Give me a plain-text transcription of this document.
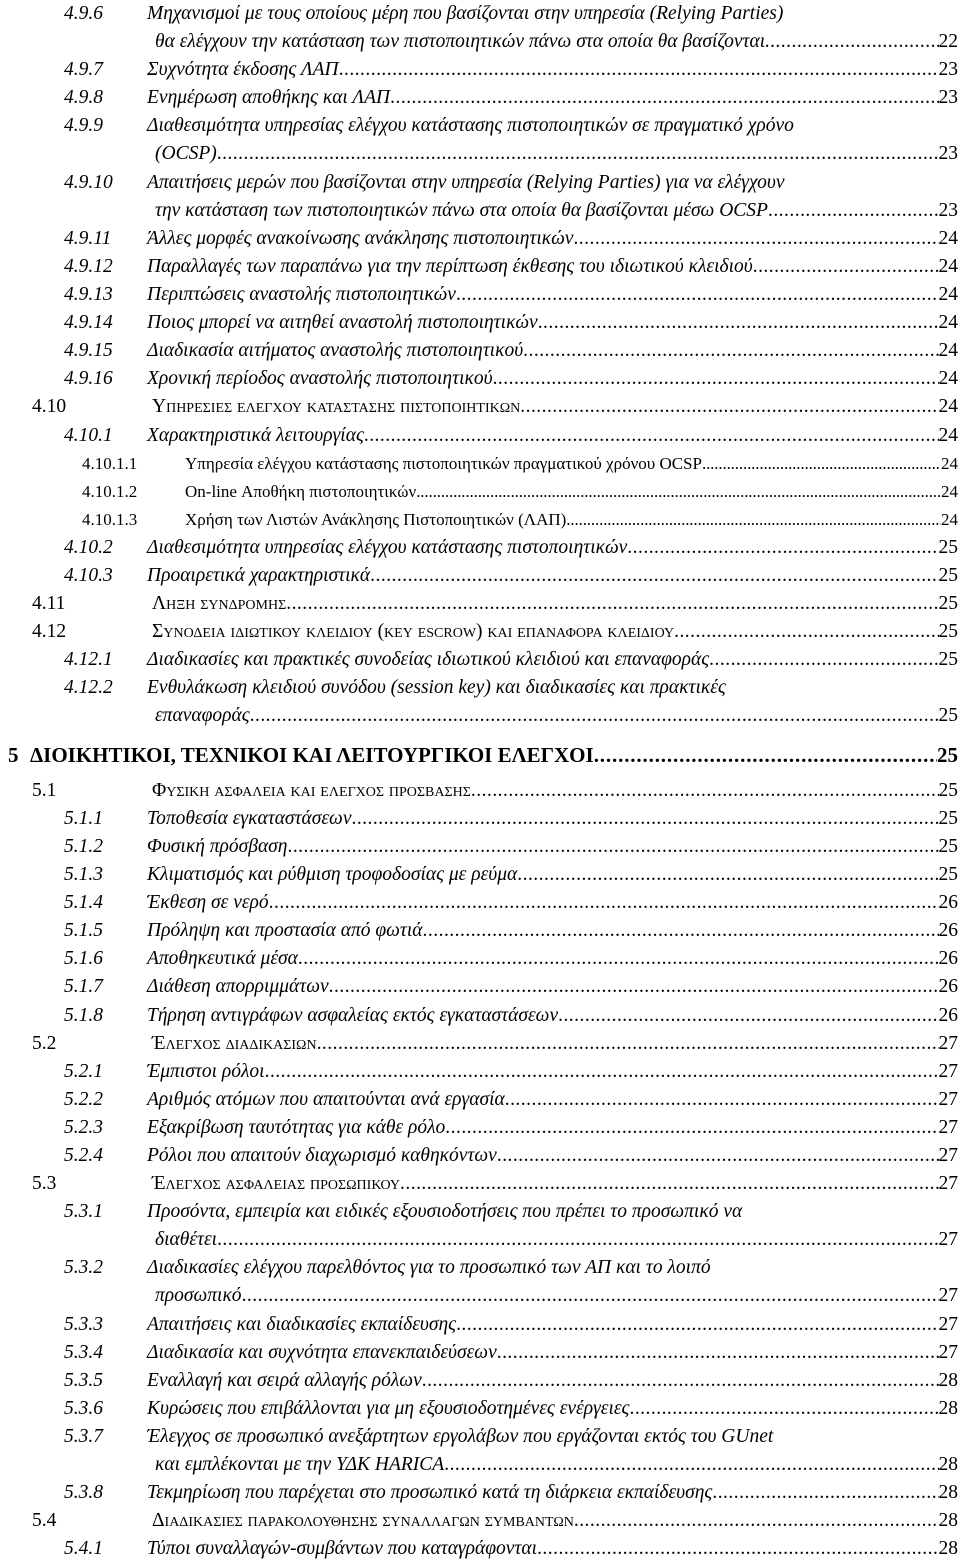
4.9.6 Μηχανισμοί με τους οποίους μέρη που βασίζονται στην υπηρεσία (Relying Parties)
θα ελέγχουν την κατάσταση των πιστοποιητικών πάνω στα οποία θα βασίζονται. . . .	22
4.9.7 Συχνότητα έκδοσης ΛΑΠ . . .	23
4.9.8 Ενημέρωση αποθήκης και ΛΑΠ . . .	23
4.9.9 Διαθεσιμότητα υπηρεσίας ελέγχου κατάστασης πιστοποιητικών σε πραγματικό χρόνο
(OCSP) . . .	23
4.9.10 Απαιτήσεις μερών που βασίζονται στην υπηρεσία (Relying Parties) για να ελέγχουν
την κατάσταση των πιστοποιητικών πάνω στα οποία θα βασίζονται μέσω OCSP . . .	23
4.9.11 Άλλες μορφές ανακοίνωσης ανάκλησης πιστοποιητικών . . .	24
4.9.12 Παραλλαγές των παραπάνω για την περίπτωση έκθεσης του ιδιωτικού κλειδιού . . .	24
4.9.13 Περιπτώσεις αναστολής πιστοποιητικών . . .	24
4.9.14 Ποιος μπορεί να αιτηθεί αναστολή πιστοποιητικών . . .	24
4.9.15 Διαδικασία αιτήματος αναστολής πιστοποιητικού . . .	24
4.9.16 Χρονική περίοδος αναστολής πιστοποιητικού . . .	24
4.10	Υπηρεσιες ελεγχου καταστασης πιστοποιητικων . . .	24
4.10.1 Χαρακτηριστικά λειτουργίας . . .	24
4.10.1.1	Υπηρεσία ελέγχου κατάστασης πιστοποιητικών πραγματικού χρόνου OCSP . . .	24
4.10.1.2	On-line Αποθήκη πιστοποιητικών . . .	24
4.10.1.3	Χρήση των Λιστών Ανάκλησης Πιστοποιητικών (ΛΑΠ) . . .	24
4.10.2 Διαθεσιμότητα υπηρεσίας ελέγχου κατάστασης πιστοποιητικών . . .	25
4.10.3 Προαιρετικά χαρακτηριστικά . . .	25
4.11	Ληξη συνδρομης . . .	25
4.12	Συνοδεια ιδιωτικου κλειδιου (key escrow) και επαναφορα κλειδιου . . .	25
4.12.1 Διαδικασίες και πρακτικές συνοδείας ιδιωτικού κλειδιού και επαναφοράς . . .	25
4.12.2 Ενθυλάκωση κλειδιού συνόδου (session key) και διαδικασίες και πρακτικές
επαναφοράς . . .	25
5 ΔΙΟΙΚΗΤΙΚΟΙ, ΤΕΧΝΙΚΟΙ ΚΑΙ ΛΕΙΤΟΥΡΓΙΚΟΙ ΕΛΕΓΧΟΙ . . .	25
5.1	Φυσικη ασφαλεια και ελεγχος προσβασης . . .	25
5.1.1 Τοποθεσία εγκαταστάσεων . . .	25
5.1.2 Φυσική πρόσβαση . . .	25
5.1.3 Κλιματισμός και ρύθμιση τροφοδοσίας με ρεύμα . . .	25
5.1.4 Έκθεση σε νερό . . .	26
5.1.5 Πρόληψη και προστασία από φωτιά . . .	26
5.1.6 Αποθηκευτικά μέσα . . .	26
5.1.7 Διάθεση απορριμμάτων . . .	26
5.1.8 Τήρηση αντιγράφων ασφαλείας εκτός εγκαταστάσεων . . .	26
5.2	Έλεγχος διαδικασιων . . .	27
5.2.1 Έμπιστοι ρόλοι . . .	27
5.2.2 Αριθμός ατόμων που απαιτούνται ανά εργασία . . .	27
5.2.3 Εξακρίβωση ταυτότητας για κάθε ρόλο . . .	27
5.2.4 Ρόλοι που απαιτούν διαχωρισμό καθηκόντων . . .	27
5.3	Έλεγχος ασφαλειας προσωπικου . . .	27
5.3.1 Προσόντα, εμπειρία και ειδικές εξουσιοδοτήσεις που πρέπει το προσωπικό να
διαθέτει . . .	27
5.3.2 Διαδικασίες ελέγχου παρελθόντος για το προσωπικό των ΑΠ και το λοιπό
προσωπικό . . .	27
5.3.3 Απαιτήσεις και διαδικασίες εκπαίδευσης . . .	27
5.3.4 Διαδικασία και συχνότητα επανεκπαιδεύσεων . . .	27
5.3.5 Εναλλαγή και σειρά αλλαγής ρόλων . . .	28
5.3.6 Κυρώσεις που επιβάλλονται για μη εξουσιοδοτημένες ενέργειες . . .	28
5.3.7 Έλεγχος σε προσωπικό ανεξάρτητων εργολάβων που εργάζονται εκτός του GUnet
και εμπλέκονται με την ΥΔΚ HARICA . . .	28
5.3.8 Τεκμηρίωση που παρέχεται στο προσωπικό κατά τη διάρκεια εκπαίδευσης . . .	28
5.4	Διαδικασιες παρακολουθησης συναλλαγων συμβαντων . . .	28
5.4.1 Τύποι συναλλαγών-συμβάντων που καταγράφονται . . .	28
